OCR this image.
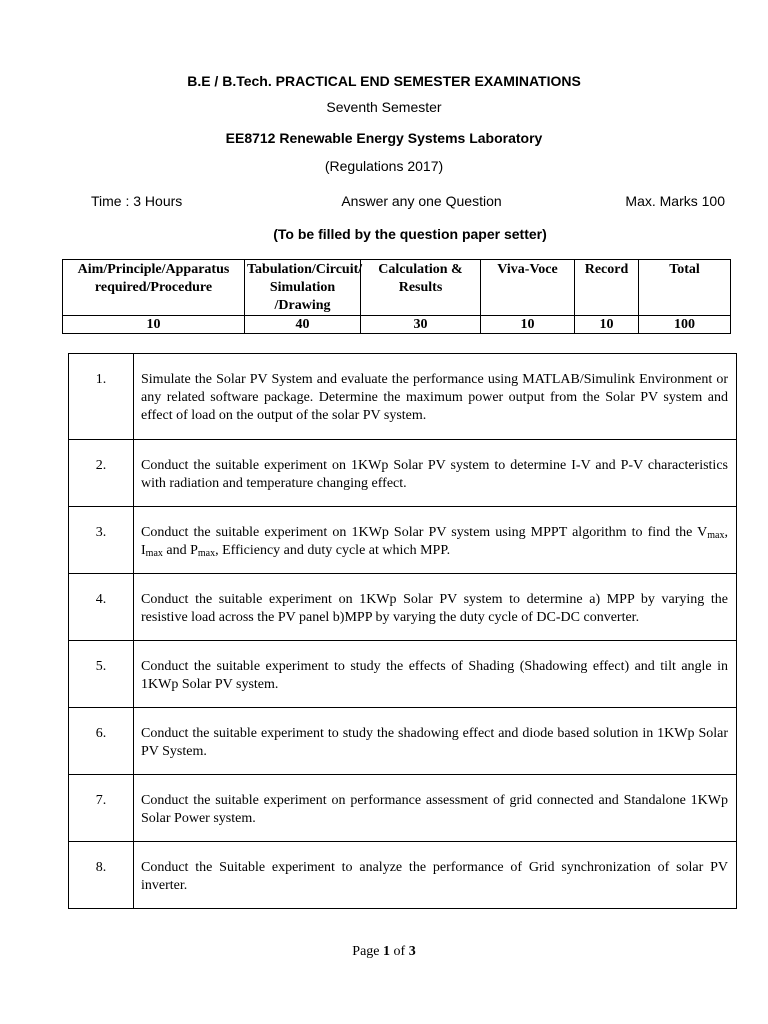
B.E / B.Tech. PRACTICAL END SEMESTER EXAMINATIONS
Seventh Semester
EE8712 Renewable Energy Systems Laboratory
(Regulations 2017)
Time : 3 Hours	Answer any one Question	Max. Marks 100
(To be filled by the question paper setter)
Aim/Principle/Apparatus required/Procedure	Tabulation/Circuit/ Simulation /Drawing	Calculation & Results	Viva-Voce	Record	Total
10	40	30	10	10	100
1.	Simulate the Solar PV System and evaluate the performance using MATLAB/Simulink Environment or any related software package. Determine the maximum power output from the Solar PV system and effect of load on the output of the solar PV system.
2.	Conduct the suitable experiment on 1KWp Solar PV system to determine I-V and P-V characteristics with radiation and temperature changing effect.
3.	Conduct the suitable experiment on 1KWp Solar PV system using MPPT algorithm to find the $V_{max}$, $I_{max}$ and $P_{max}$, Efficiency and duty cycle at which MPP.
4.	Conduct the suitable experiment on 1KWp Solar PV system to determine a) MPP by varying the resistive load across the PV panel b)MPP by varying the duty cycle of DC-DC converter.
5.	Conduct the suitable experiment to study the effects of Shading (Shadowing effect) and tilt angle in 1KWp Solar PV system.
6.	Conduct the suitable experiment to study the shadowing effect and diode based solution in 1KWp Solar PV System.
7.	Conduct the suitable experiment on performance assessment of grid connected and Standalone 1KWp Solar Power system.
8.	Conduct the Suitable experiment to analyze the performance of Grid synchronization of solar PV inverter.
Page 1 of 3
